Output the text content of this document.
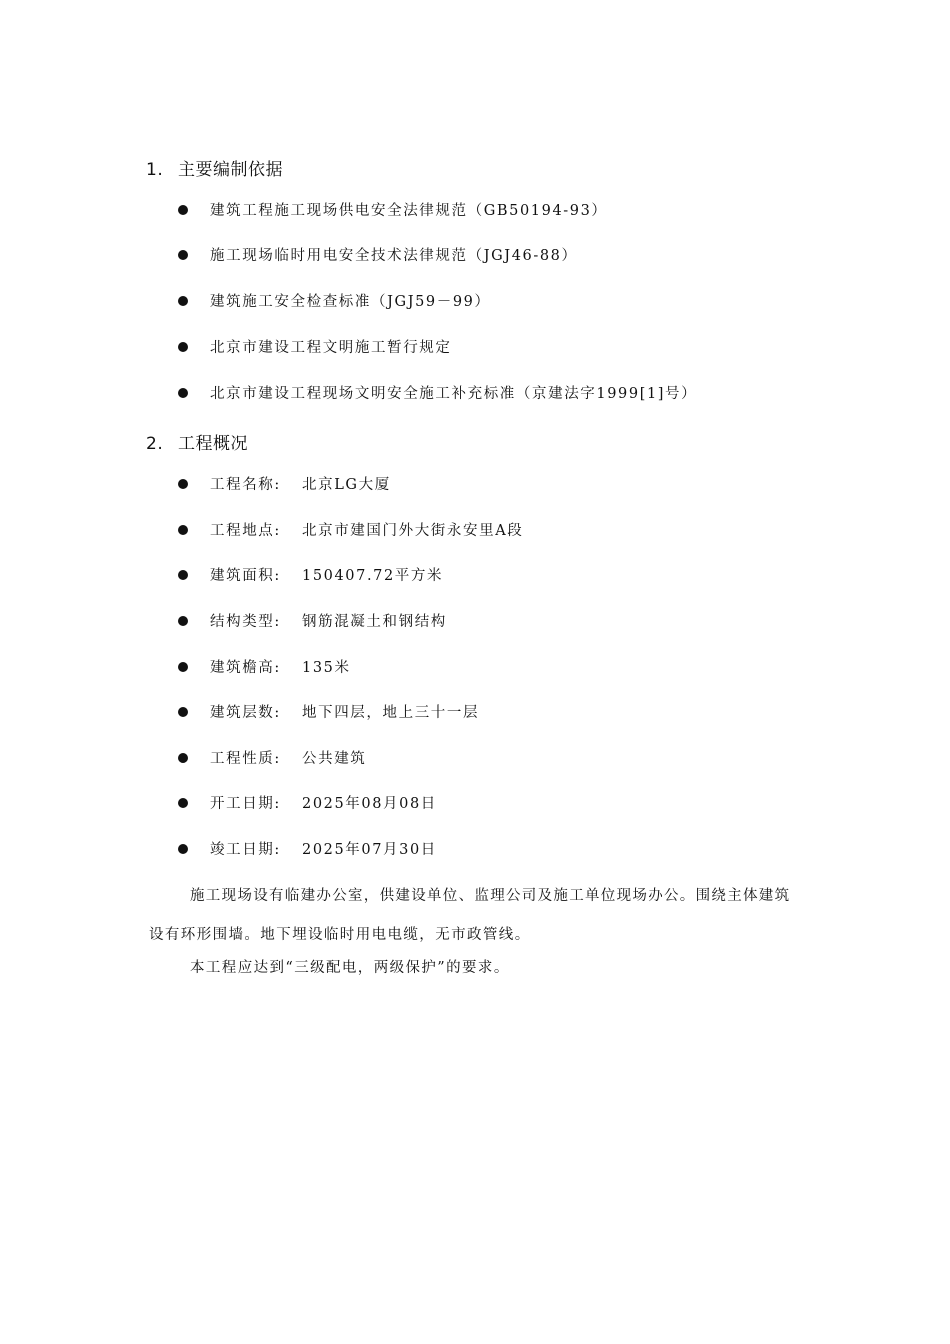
1. 主要编制依据
建筑工程施工现场供电安全法律规范（GB50194-93）
施工现场临时用电安全技术法律规范（JGJ46-88）
建筑施工安全检查标准（JGJ59－99）
北京市建设工程文明施工暂行规定
北京市建设工程现场文明安全施工补充标准（京建法字1999[1]号）
2. 工程概况
工程名称: 北京LG大厦
工程地点: 北京市建国门外大街永安里A段
建筑面积: 150407.72平方米
结构类型: 钢筋混凝土和钢结构
建筑檐高: 135米
建筑层数: 地下四层，地上三十一层
工程性质: 公共建筑
开工日期: 2025年08月08日
竣工日期: 2025年07月30日
施工现场设有临建办公室，供建设单位、监理公司及施工单位现场办公。围绕主体建筑
设有环形围墙。地下埋设临时用电电缆，无市政管线。
本工程应达到“三级配电，两级保护”的要求。
